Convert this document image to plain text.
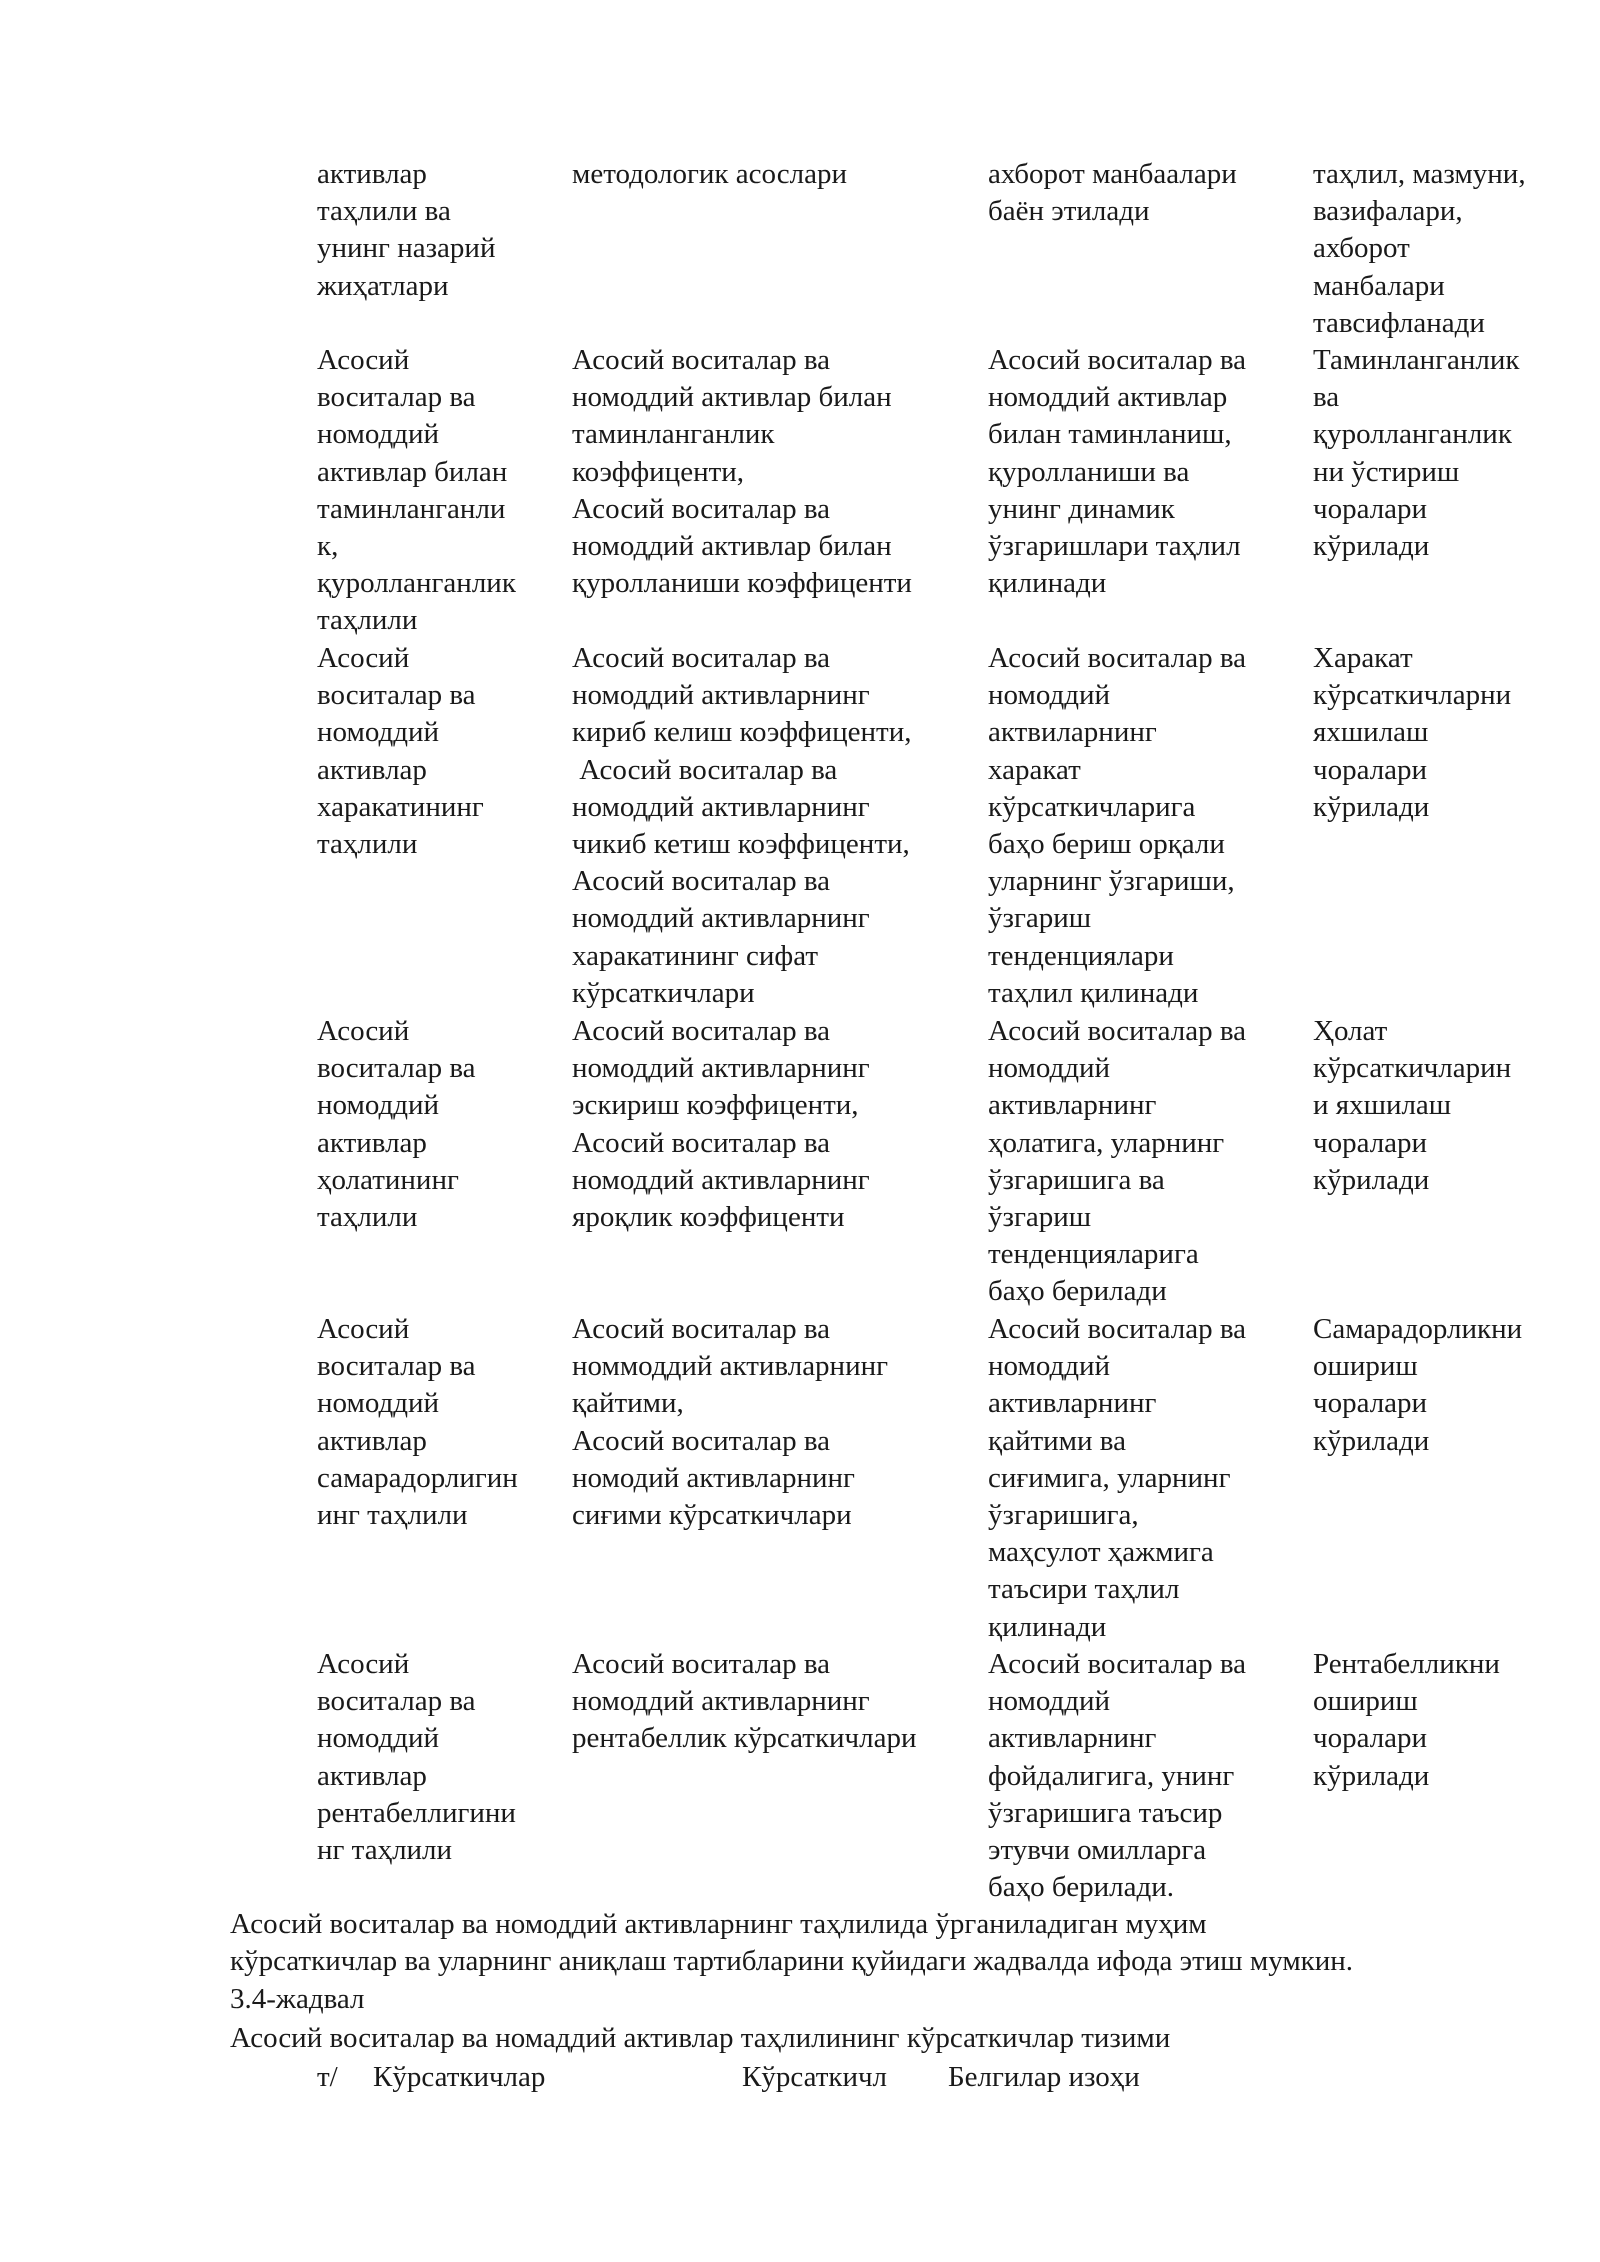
активлар
таҳлили ва
унинг назарий
жиҳатлари
методологик асослари	ахборот манбаалари
баён этилади
таҳлил, мазмуни,
вазифалари,
ахборот
манбалари
тавсифланади
Асосий
воситалар ва
номоддий
активлар билан
таминланганли
к,
қуролланганлик
таҳлили
Асосий воситалар ва
номоддий активлар билан
таминланганлик
коэффиценти,
Асосий воситалар ва
номоддий активлар билан
қуролланиши коэффиценти
Асосий воситалар ва
номоддий активлар
билан таминланиш,
қуролланиши ва
унинг динамик
ўзгаришлари таҳлил
қилинади
Таминланганлик
ва
қуролланганлик
ни ўстириш
чоралари
кўрилади
Асосий
воситалар ва
номоддий
активлар
харакатининг
таҳлили
Асосий воситалар ва
номоддий активларнинг
кириб келиш коэффиценти,
Асосий воситалар ва
номоддий активларнинг
чикиб кетиш коэффиценти,
Асосий воситалар ва
номоддий активларнинг
харакатининг сифат
кўрсаткичлари
Асосий воситалар ва
номоддий
актвиларнинг
харакат
кўрсаткичларига
баҳо бериш орқали
уларнинг ўзгариши,
ўзгариш
тенденциялари
таҳлил қилинади
Харакат
кўрсаткичларни
яхшилаш
чоралари
кўрилади
Асосий
воситалар ва
номоддий
активлар
ҳолатининг
таҳлили
Асосий воситалар ва
номоддий активларнинг
эскириш коэффиценти,
Асосий воситалар ва
номоддий активларнинг
яроқлик коэффиценти
Асосий воситалар ва
номоддий
активларнинг
ҳолатига, уларнинг
ўзгаришига ва
ўзгариш
тенденцияларига
баҳо берилади
Ҳолат
кўрсаткичларин
и яхшилаш
чоралари
кўрилади
Асосий
воситалар ва
номоддий
активлар
самарадорлигин
инг таҳлили
Асосий воситалар ва
номмоддий активларнинг
қайтими,
Асосий воситалар ва
номодий активларнинг
сиғими кўрсаткичлари
Асосий воситалар ва
номоддий
активларнинг
қайтими ва
сиғимига, уларнинг
ўзгаришига,
маҳсулот ҳажмига
таъсири таҳлил
қилинади
Самарадорликни
ошириш
чоралари
кўрилади
Асосий
воситалар ва
номоддий
активлар
рентабеллигини
нг таҳлили
Асосий воситалар ва
номоддий активларнинг
рентабеллик кўрсаткичлари
Асосий воситалар ва
номоддий
активларнинг
фойдалигига, унинг
ўзгаришига таъсир
этувчи омилларга
баҳо берилади.
Рентабелликни
ошириш
чоралари
кўрилади
Асосий воситалар ва номоддий активларнинг таҳлилида ўрганиладиган муҳим
кўрсаткичлар ва уларнинг аниқлаш тартибларини қуйидаги жадвалда ифода этиш мумкин.
3.4-жадвал
Асосий воситалар ва номаддий активлар таҳлилининг кўрсаткичлар тизими
т/ Кўрсаткичлар	Кўрсаткичл Белгилар изоҳи
